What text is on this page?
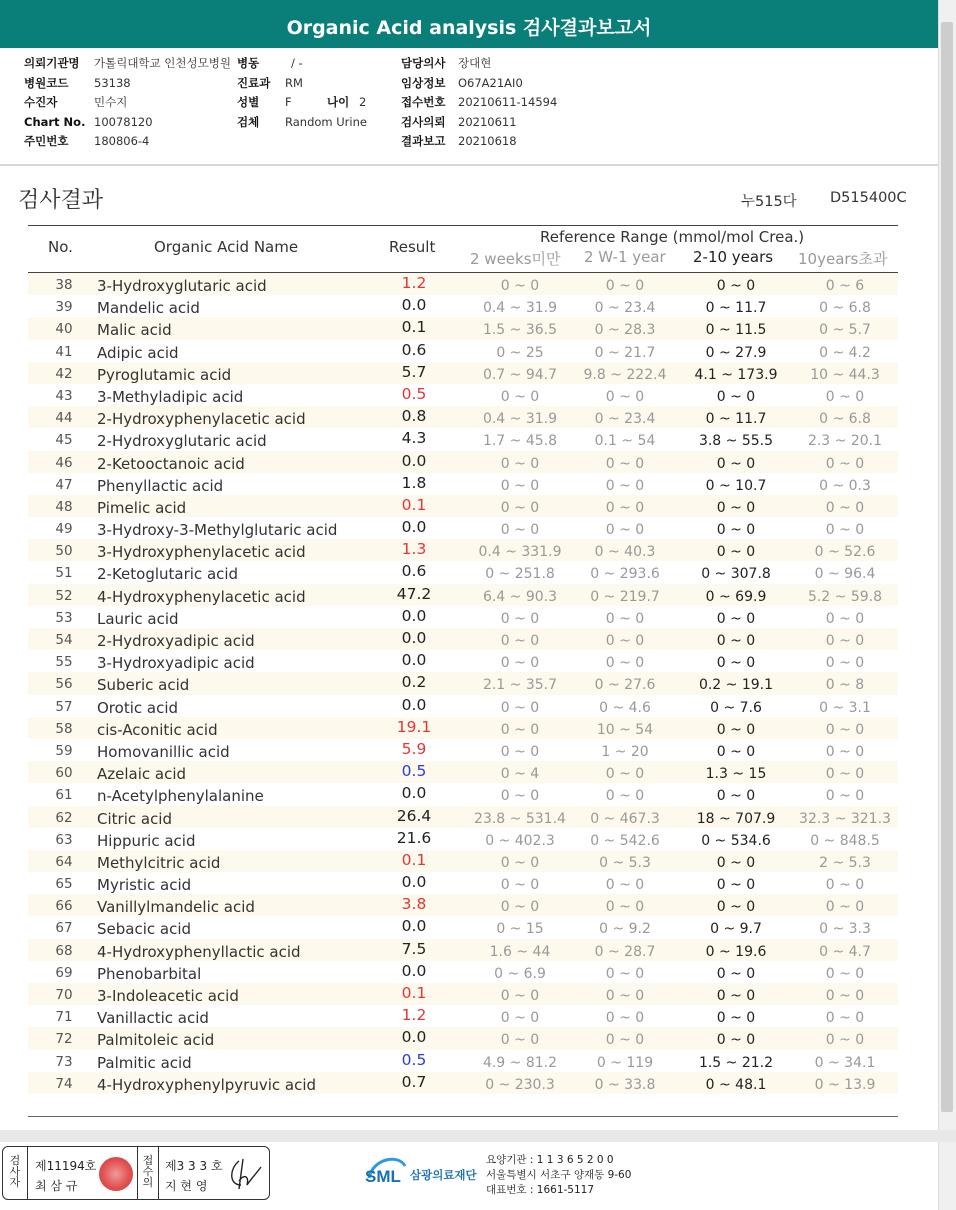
Organic Acid analysis 검사결과보고서
의뢰기관명	가톨릭대학교 인천성모병원
병원코드	53138
수진자	민수지
Chart No. 10078120
주민번호	180806-4
병동	/ -
진료과	RM
성별	F	나이 2
검체	Random Urine
담당의사	장대현
임상정보	O67A21AI0
접수번호	20210611-14594
검사의뢰	20210611
결과보고	20210618
검사결과	누515다 D515400C
No.	Organic Acid Name	Result
Reference Range (mmol/mol Crea.)
2 weeks미만 2 W-1 year 2-10 years 10years초과
38	3-Hydroxyglutaric acid	1.2	0 ~ 0	0 ~ 0	0 ~ 0	0 ~ 6
39	Mandelic acid	0.0	0.4 ~ 31.9	0 ~ 23.4	0 ~ 11.7	0 ~ 6.8
40	Malic acid	0.1	1.5 ~ 36.5	0 ~ 28.3	0 ~ 11.5	0 ~ 5.7
41	Adipic acid	0.6	0 ~ 25	0 ~ 21.7	0 ~ 27.9	0 ~ 4.2
42	Pyroglutamic acid	5.7	0.7 ~ 94.7	9.8 ~ 222.4	4.1 ~ 173.9	10 ~ 44.3
43	3-Methyladipic acid	0.5	0 ~ 0	0 ~ 0	0 ~ 0	0 ~ 0
44	2-Hydroxyphenylacetic acid	0.8	0.4 ~ 31.9	0 ~ 23.4	0 ~ 11.7	0 ~ 6.8
45	2-Hydroxyglutaric acid	4.3	1.7 ~ 45.8	0.1 ~ 54	3.8 ~ 55.5	2.3 ~ 20.1
46	2-Ketooctanoic acid	0.0	0 ~ 0	0 ~ 0	0 ~ 0	0 ~ 0
47	Phenyllactic acid	1.8	0 ~ 0	0 ~ 0	0 ~ 10.7	0 ~ 0.3
48	Pimelic acid	0.1	0 ~ 0	0 ~ 0	0 ~ 0	0 ~ 0
49	3-Hydroxy-3-Methylglutaric acid	0.0	0 ~ 0	0 ~ 0	0 ~ 0	0 ~ 0
50	3-Hydroxyphenylacetic acid	1.3	0.4 ~ 331.9	0 ~ 40.3	0 ~ 0	0 ~ 52.6
51	2-Ketoglutaric acid	0.6	0 ~ 251.8	0 ~ 293.6	0 ~ 307.8	0 ~ 96.4
52	4-Hydroxyphenylacetic acid	47.2	6.4 ~ 90.3	0 ~ 219.7	0 ~ 69.9	5.2 ~ 59.8
53	Lauric acid	0.0	0 ~ 0	0 ~ 0	0 ~ 0	0 ~ 0
54	2-Hydroxyadipic acid	0.0	0 ~ 0	0 ~ 0	0 ~ 0	0 ~ 0
55	3-Hydroxyadipic acid	0.0	0 ~ 0	0 ~ 0	0 ~ 0	0 ~ 0
56	Suberic acid	0.2	2.1 ~ 35.7	0 ~ 27.6	0.2 ~ 19.1	0 ~ 8
57	Orotic acid	0.0	0 ~ 0	0 ~ 4.6	0 ~ 7.6	0 ~ 3.1
58	cis-Aconitic acid	19.1	0 ~ 0	10 ~ 54	0 ~ 0	0 ~ 0
59	Homovanillic acid	5.9	0 ~ 0	1 ~ 20	0 ~ 0	0 ~ 0
60	Azelaic acid	0.5	0 ~ 4	0 ~ 0	1.3 ~ 15	0 ~ 0
61	n-Acetylphenylalanine	0.0	0 ~ 0	0 ~ 0	0 ~ 0	0 ~ 0
62	Citric acid	26.4	23.8 ~ 531.4	0 ~ 467.3	18 ~ 707.9	32.3 ~ 321.3
63	Hippuric acid	21.6	0 ~ 402.3	0 ~ 542.6	0 ~ 534.6	0 ~ 848.5
64	Methylcitric acid	0.1	0 ~ 0	0 ~ 5.3	0 ~ 0	2 ~ 5.3
65	Myristic acid	0.0	0 ~ 0	0 ~ 0	0 ~ 0	0 ~ 0
66	Vanillylmandelic acid	3.8	0 ~ 0	0 ~ 0	0 ~ 0	0 ~ 0
67	Sebacic acid	0.0	0 ~ 15	0 ~ 9.2	0 ~ 9.7	0 ~ 3.3
68	4-Hydroxyphenyllactic acid	7.5	1.6 ~ 44	0 ~ 28.7	0 ~ 19.6	0 ~ 4.7
69	Phenobarbital	0.0	0 ~ 6.9	0 ~ 0	0 ~ 0	0 ~ 0
70	3-Indoleacetic acid	0.1	0 ~ 0	0 ~ 0	0 ~ 0	0 ~ 0
71	Vanillactic acid	1.2	0 ~ 0	0 ~ 0	0 ~ 0	0 ~ 0
72	Palmitoleic acid	0.0	0 ~ 0	0 ~ 0	0 ~ 0	0 ~ 0
73	Palmitic acid	0.5	4.9 ~ 81.2	0 ~ 119	1.5 ~ 21.2	0 ~ 34.1
74	4-Hydroxyphenylpyruvic acid	0.7	0 ~ 230.3	0 ~ 33.8	0 ~ 48.1	0 ~ 13.9
검
사
자
제11194호
최 삼 규
접
수
의
제3 3 3 호
지 현 영	SML 삼광의료재단
요양기관 : 1 1 3 6 5 2 0 0
서울특별시 서초구 양재동 9-60
대표번호 : 1661-5117
